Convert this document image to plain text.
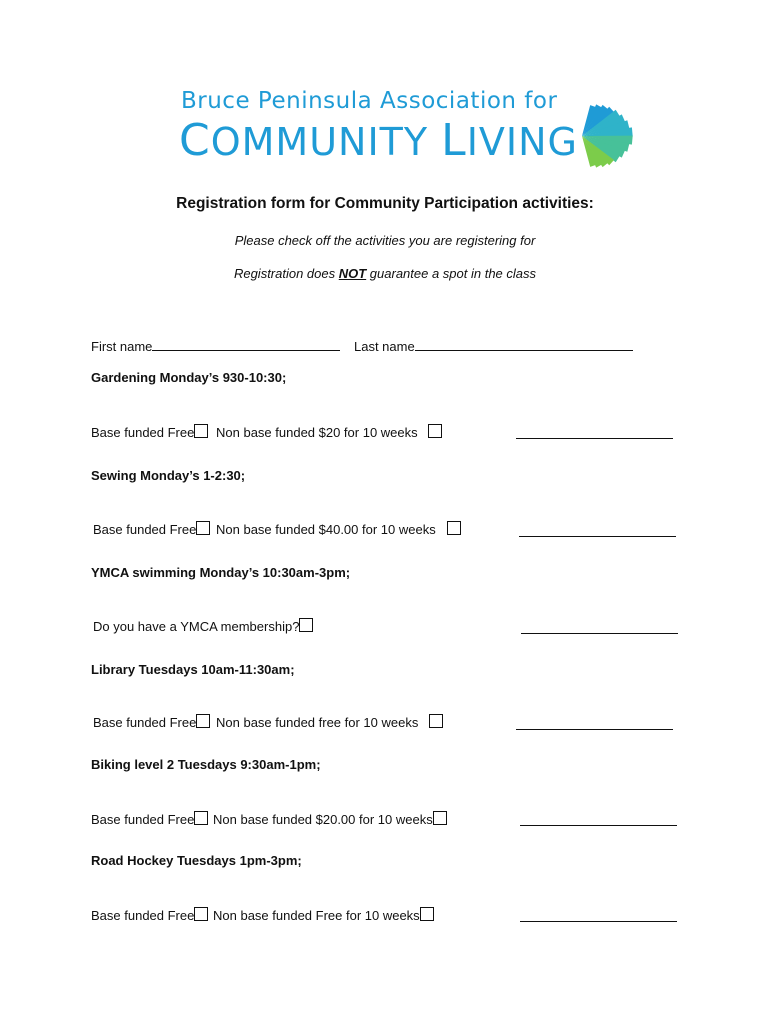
Bruce Peninsula Association for
COMMUNITY LIVING
Registration form for Community Participation activities:
Please check off the activities you are registering for
Registration does NOT guarantee a spot in the class
First name	Last name
Gardening Monday’s 930-10:30;
Base funded Free	Non base funded $20 for 10 weeks
Sewing Monday’s 1-2:30;
Base funded Free	Non base funded $40.00 for 10 weeks
YMCA swimming Monday’s 10:30am-3pm;
Do you have a YMCA membership?
Library Tuesdays 10am-11:30am;
Base funded Free	Non base funded free for 10 weeks
Biking level 2 Tuesdays 9:30am-1pm;
Base funded Free	Non base funded $20.00 for 10 weeks
Road Hockey Tuesdays 1pm-3pm;
Base funded Free	Non base funded Free for 10 weeks
